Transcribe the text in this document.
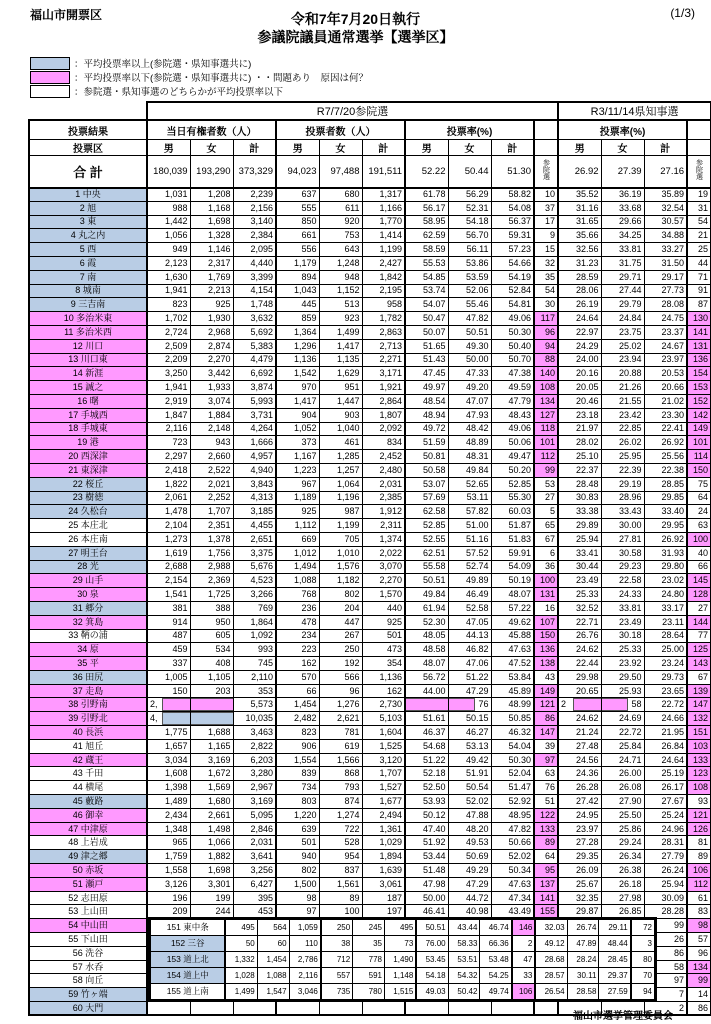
福山市開票区	(1/3)
令和7年7月20日執行
参議院議員通常選挙【選挙区】
：平均投票率以上(参院選・県知事選共に)
：平均投票率以下(参院選・県知事選共に) ・・問題あり　原因は何？
：参院選・県知事選のどちらかが平均投票率以下
	R7/7/20参院選										R3/11/14県知事選			
投票結果	当日有権者数（人）			投票者数（人）			投票率(%)				投票率(%)			
投票区	男	女	計	男	女	計	男	女	計		男	女	計	
合 計	180,039	193,290	373,329	94,023	97,488	191,511	52.22	50.44	51.30	参院選	26.92	27.39	27.16	参院選
1 中央	1,031	1,208	2,239	637	680	1,317	61.78	56.29	58.82	10	35.52	36.19	35.89	19
2 旭	988	1,168	2,156	555	611	1,166	56.17	52.31	54.08	37	31.16	33.68	32.54	31
3 東	1,442	1,698	3,140	850	920	1,770	58.95	54.18	56.37	17	31.65	29.66	30.57	54
4 丸之内	1,056	1,328	2,384	661	753	1,414	62.59	56.70	59.31	9	35.66	34.25	34.88	21
5 西	949	1,146	2,095	556	643	1,199	58.59	56.11	57.23	15	32.56	33.81	33.27	25
6 霞	2,123	2,317	4,440	1,179	1,248	2,427	55.53	53.86	54.66	32	31.23	31.75	31.50	44
7 南	1,630	1,769	3,399	894	948	1,842	54.85	53.59	54.19	35	28.59	29.71	29.17	71
8 城南	1,941	2,213	4,154	1,043	1,152	2,195	53.74	52.06	52.84	54	28.06	27.44	27.73	91
9 三吉南	823	925	1,748	445	513	958	54.07	55.46	54.81	30	26.19	29.79	28.08	87
10 多治米東	1,702	1,930	3,632	859	923	1,782	50.47	47.82	49.06	117	24.64	24.84	24.75	130
11 多治米西	2,724	2,968	5,692	1,364	1,499	2,863	50.07	50.51	50.30	96	22.97	23.75	23.37	141
12 川口	2,509	2,874	5,383	1,296	1,417	2,713	51.65	49.30	50.40	94	24.29	25.02	24.67	131
13 川口東	2,209	2,270	4,479	1,136	1,135	2,271	51.43	50.00	50.70	88	24.00	23.94	23.97	136
14 新涯	3,250	3,442	6,692	1,542	1,629	3,171	47.45	47.33	47.38	140	20.16	20.88	20.53	154
15 誠之	1,941	1,933	3,874	970	951	1,921	49.97	49.20	49.59	108	20.05	21.26	20.66	153
16 曙	2,919	3,074	5,993	1,417	1,447	2,864	48.54	47.07	47.79	134	20.46	21.55	21.02	152
17 手城西	1,847	1,884	3,731	904	903	1,807	48.94	47.93	48.43	127	23.18	23.42	23.30	142
18 手城東	2,116	2,148	4,264	1,052	1,040	2,092	49.72	48.42	49.06	118	21.97	22.85	22.41	149
19 港	723	943	1,666	373	461	834	51.59	48.89	50.06	101	28.02	26.02	26.92	101
20 西深津	2,297	2,660	4,957	1,167	1,285	2,452	50.81	48.31	49.47	112	25.10	25.95	25.56	114
21 東深津	2,418	2,522	4,940	1,223	1,257	2,480	50.58	49.84	50.20	99	22.37	22.39	22.38	150
22 桜丘	1,822	2,021	3,843	967	1,064	2,031	53.07	52.65	52.85	53	28.48	29.19	28.85	75
23 樹徳	2,061	2,252	4,313	1,189	1,196	2,385	57.69	53.11	55.30	27	30.83	28.96	29.85	64
24 久松台	1,478	1,707	3,185	925	987	1,912	62.58	57.82	60.03	5	33.38	33.43	33.40	24
25 本庄北	2,104	2,351	4,455	1,112	1,199	2,311	52.85	51.00	51.87	65	29.89	30.00	29.95	63
26 本庄南	1,273	1,378	2,651	669	705	1,374	52.55	51.16	51.83	67	25.94	27.81	26.92	100
27 明王台	1,619	1,756	3,375	1,012	1,010	2,022	62.51	57.52	59.91	6	33.41	30.58	31.93	40
28 光	2,688	2,988	5,676	1,494	1,576	3,070	55.58	52.74	54.09	36	30.44	29.23	29.80	66
29 山手	2,154	2,369	4,523	1,088	1,182	2,270	50.51	49.89	50.19	100	23.49	22.58	23.02	145
30 泉	1,541	1,725	3,266	768	802	1,570	49.84	46.49	48.07	131	25.33	24.33	24.80	128
31 郷分	381	388	769	236	204	440	61.94	52.58	57.22	16	32.52	33.81	33.17	27
32 箕島	914	950	1,864	478	447	925	52.30	47.05	49.62	107	22.71	23.49	23.11	144
33 鞆の浦	487	605	1,092	234	267	501	48.05	44.13	45.88	150	26.76	30.18	28.64	77
34 原	459	534	993	223	250	473	48.58	46.82	47.63	136	24.62	25.33	25.00	125
35 平	337	408	745	162	192	354	48.07	47.06	47.52	138	22.44	23.92	23.24	143
36 田尻	1,005	1,105	2,110	570	566	1,136	56.72	51.22	53.84	43	29.98	29.50	29.73	67
37 走島	150	203	353	66	96	162	44.00	47.29	45.89	149	20.65	25.93	23.65	139
38 引野南	2,		5,573	1,454	1,276	2,730		76	48.99	121	2	58	22.72	147
39 引野北	4,		10,035	2,482	2,621	5,103	51.61	50.15	50.85	86	24.62	24.69	24.66	132
40 長浜	1,775	1,688	3,463	823	781	1,604	46.37	46.27	46.32	147	21.24	22.72	21.95	151
41 旭丘	1,657	1,165	2,822	906	619	1,525	54.68	53.13	54.04	39	27.48	25.84	26.84	103
42 蔵王	3,034	3,169	6,203	1,554	1,566	3,120	51.22	49.42	50.30	97	24.56	24.71	24.64	133
43 千田	1,608	1,672	3,280	839	868	1,707	52.18	51.91	52.04	63	24.36	26.00	25.19	123
44 横尾	1,398	1,569	2,967	734	793	1,527	52.50	50.54	51.47	76	26.28	26.08	26.17	108
45 藪路	1,489	1,680	3,169	803	874	1,677	53.93	52.02	52.92	51	27.42	27.90	27.67	93
46 御幸	2,434	2,661	5,095	1,220	1,274	2,494	50.12	47.88	48.95	122	24.95	25.50	25.24	121
47 中津原	1,348	1,498	2,846	639	722	1,361	47.40	48.20	47.82	133	23.97	25.86	24.96	126
48 上岩成	965	1,066	2,031	501	528	1,029	51.92	49.53	50.66	89	27.28	29.24	28.31	81
49 津之郷	1,759	1,882	3,641	940	954	1,894	53.44	50.69	52.02	64	29.35	26.34	27.79	89
50 赤坂	1,558	1,698	3,256	802	837	1,639	51.48	49.29	50.34	95	26.09	26.38	26.24	106
51 瀬戸	3,126	3,301	6,427	1,500	1,561	3,061	47.98	47.29	47.63	137	25.67	26.18	25.94	112
52 志田原	196	199	395	98	89	187	50.00	44.72	47.34	141	32.35	27.98	30.09	61
53 上山田	209	244	453	97	100	197	46.41	40.98	43.49	155	29.87	26.85	28.28	83
54 中山田													99	98
55 下山田													26	57
56 洗谷													86	96
57 水呑													58	134
58 向丘													97	99
59 竹ヶ端													7	14
60 大門													2	86
151 東中条	495	564	1,059	250	245	495	50.51	43.44	46.74	146	32.03	26.74	29.11	72
152 三谷	50	60	110	38	35	73	76.00	58.33	66.36	2	49.12	47.89	48.44	3
153 道上北	1,332	1,454	2,786	712	778	1,490	53.45	53.51	53.48	47	28.68	28.24	28.45	80
154 道上中	1,028	1,088	2,116	557	591	1,148	54.18	54.32	54.25	33	28.57	30.11	29.37	70
155 道上南	1,499	1,547	3,046	735	780	1,515	49.03	50.42	49.74	106	26.54	28.58	27.59	94
福山市選挙管理委員会
